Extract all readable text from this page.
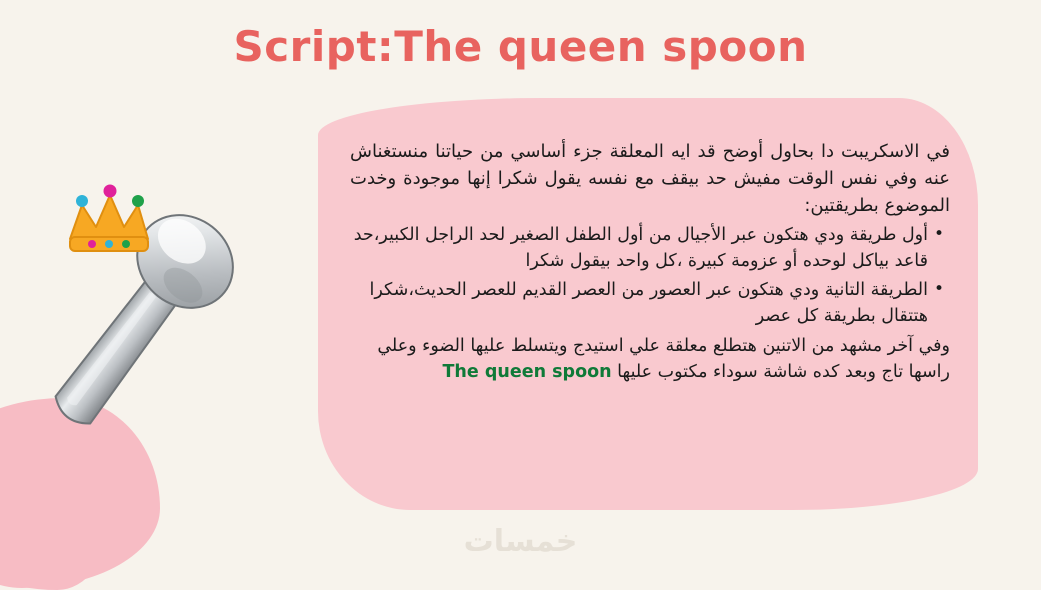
Script:The queen spoon

في الاسكريبت دا بحاول أوضح قد ايه المعلقة جزء أساسي من حياتنا منستغناش عنه وفي نفس الوقت مفيش حد بيقف مع نفسه يقول شكرا إنها موجودة وخدت الموضوع بطريقتين:

• أول طريقة ودي هتكون عبر الأجيال من أول الطفل الصغير لحد الراجل الكبير،حد قاعد بياكل لوحده أو عزومة كبيرة ،كل واحد بيقول شكرا
• الطريقة التانية ودي هتكون عبر العصور من العصر القديم للعصر الحديث،شكرا هتتقال بطريقة كل عصر

وفي آخر مشهد من الاتنين هتطلع معلقة علي استيدج ويتسلط عليها الضوء وعلي راسها تاج وبعد كده شاشة سوداء مكتوب عليها The queen spoon

خمسات
